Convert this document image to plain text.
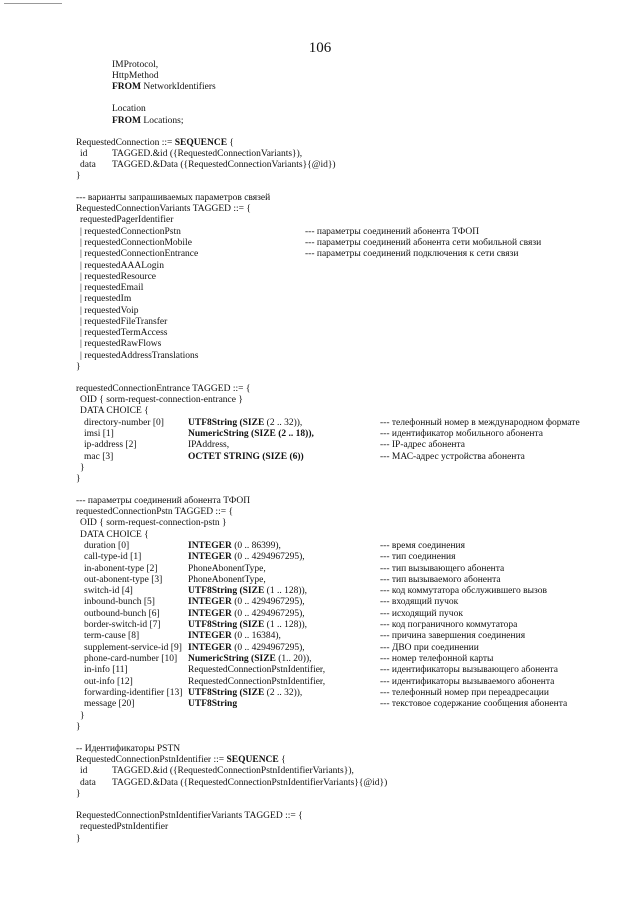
106
IMProtocol,
HttpMethod
FROM NetworkIdentifiers
Location
FROM Locations;
RequestedConnection ::= SEQUENCE {
id	TAGGED.&id ({RequestedConnectionVariants}),
data TAGGED.&Data ({RequestedConnectionVariants}{@id})
}
--- варианты запрашиваемых параметров связей
RequestedConnectionVariants TAGGED ::= {
requestedPagerIdentifier
| requestedConnectionPstn	--- параметры соединений абонента ТФОП
| requestedConnectionMobile	--- параметры соединений абонента сети мобильной связи
| requestedConnectionEntrance	--- параметры соединений подключения к сети связи
| requestedAAALogin
| requestedResource
| requestedEmail
| requestedIm
| requestedVoip
| requestedFileTransfer
| requestedTermAccess
| requestedRawFlows
| requestedAddressTranslations
}
requestedConnectionEntrance TAGGED ::= {
OID { sorm-request-connection-entrance }
DATA CHOICE {
directory-number [0]	UTF8String (SIZE (2 .. 32)),	--- телефонный номер в международном формате
imsi [1]	NumericString (SIZE (2 .. 18)),	--- идентификатор мобильного абонента
ip-address [2]	IPAddress,	--- IP-адрес абонента
mac [3]	OCTET STRING (SIZE (6))	--- МАС-адрес устройства абонента
}
}
--- параметры соединений абонента ТФОП
requestedConnectionPstn TAGGED ::= {
OID { sorm-request-connection-pstn }
DATA CHOICE {
duration [0]	INTEGER (0 .. 86399),	--- время соединения
call-type-id [1]	INTEGER (0 .. 4294967295),	--- тип соединения
in-abonent-type [2]	PhoneAbonentType,	--- тип вызывающего абонента
out-abonent-type [3]	PhoneAbonentType,	--- тип вызываемого абонента
switch-id [4]	UTF8String (SIZE (1 .. 128)),	--- код коммутатора обслужившего вызов
inbound-bunch [5]	INTEGER (0 .. 4294967295),	--- входящий пучок
outbound-bunch [6]	INTEGER (0 .. 4294967295),	--- исходящий пучок
border-switch-id [7]	UTF8String (SIZE (1 .. 128)),	--- код пограничного коммутатора
term-cause [8]	INTEGER (0 .. 16384),	--- причина завершения соединения
supplement-service-id [9] INTEGER (0 .. 4294967295),	--- ДВО при соединении
phone-card-number [10] NumericString (SIZE (1.. 20)),	--- номер телефонной карты
in-info [11]	RequestedConnectionPstnIdentifier,	--- идентификаторы вызывающего абонента
out-info [12]	RequestedConnectionPstnIdentifier,	--- идентификаторы вызываемого абонента
forwarding-identifier [13] UTF8String (SIZE (2 .. 32)),	--- телефонный номер при переадресации
message [20]	UTF8String	--- текстовое содержание сообщения абонента
}
}
-- Идентификаторы PSTN
RequestedConnectionPstnIdentifier ::= SEQUENCE {
id	TAGGED.&id ({RequestedConnectionPstnIdentifierVariants}),
data TAGGED.&Data ({RequestedConnectionPstnIdentifierVariants}{@id})
}
RequestedConnectionPstnIdentifierVariants TAGGED ::= {
requestedPstnIdentifier
}
